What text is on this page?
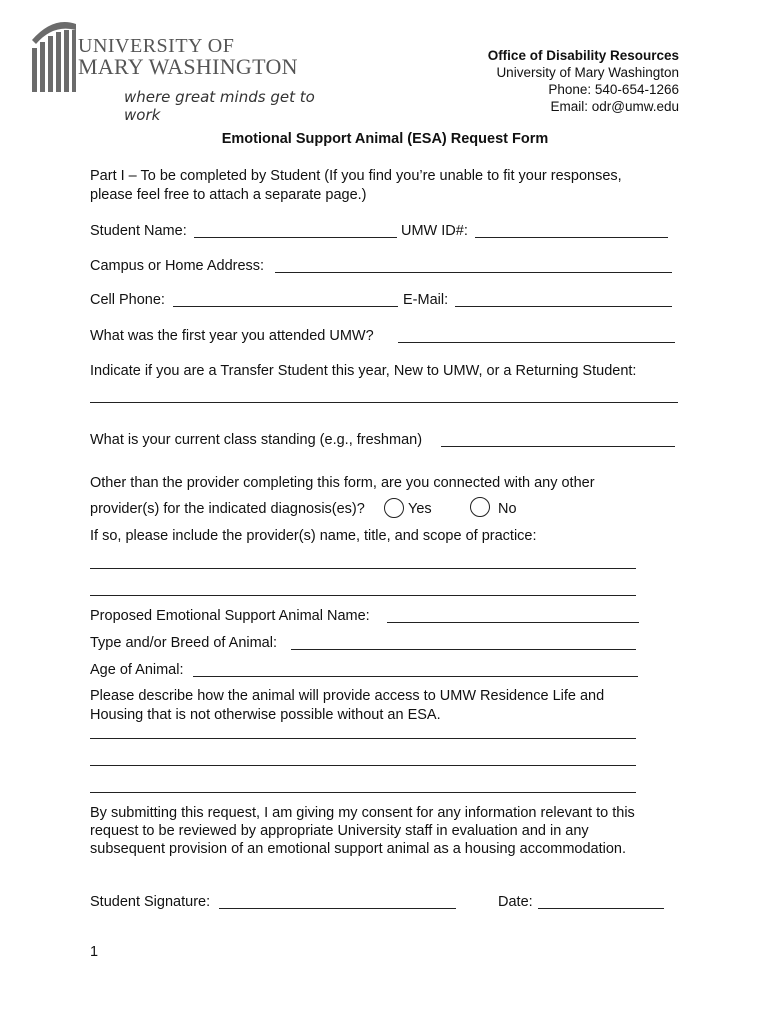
UNIVERSITY OF
MARY WASHINGTON
where great minds get to work
Office of Disability Resources
University of Mary Washington
Phone: 540-654-1266
Email: odr@umw.edu
Emotional Support Animal (ESA) Request Form
Part I – To be completed by Student (If you find you’re unable to fit your responses,
please feel free to attach a separate page.)
Student Name:	UMW ID#:
Campus or Home Address:
Cell Phone:	E-Mail:
What was the first year you attended UMW?
Indicate if you are a Transfer Student this year, New to UMW, or a Returning Student:
What is your current class standing (e.g., freshman)
Other than the provider completing this form, are you connected with any other
provider(s) for the indicated diagnosis(es)?	Yes	No
If so, please include the provider(s) name, title, and scope of practice:
Proposed Emotional Support Animal Name:
Type and/or Breed of Animal:
Age of Animal:
Please describe how the animal will provide access to UMW Residence Life and
Housing that is not otherwise possible without an ESA.
By submitting this request, I am giving my consent for any information relevant to this
request to be reviewed by appropriate University staff in evaluation and in any
subsequent provision of an emotional support animal as a housing accommodation.
Student Signature:	Date:
1
